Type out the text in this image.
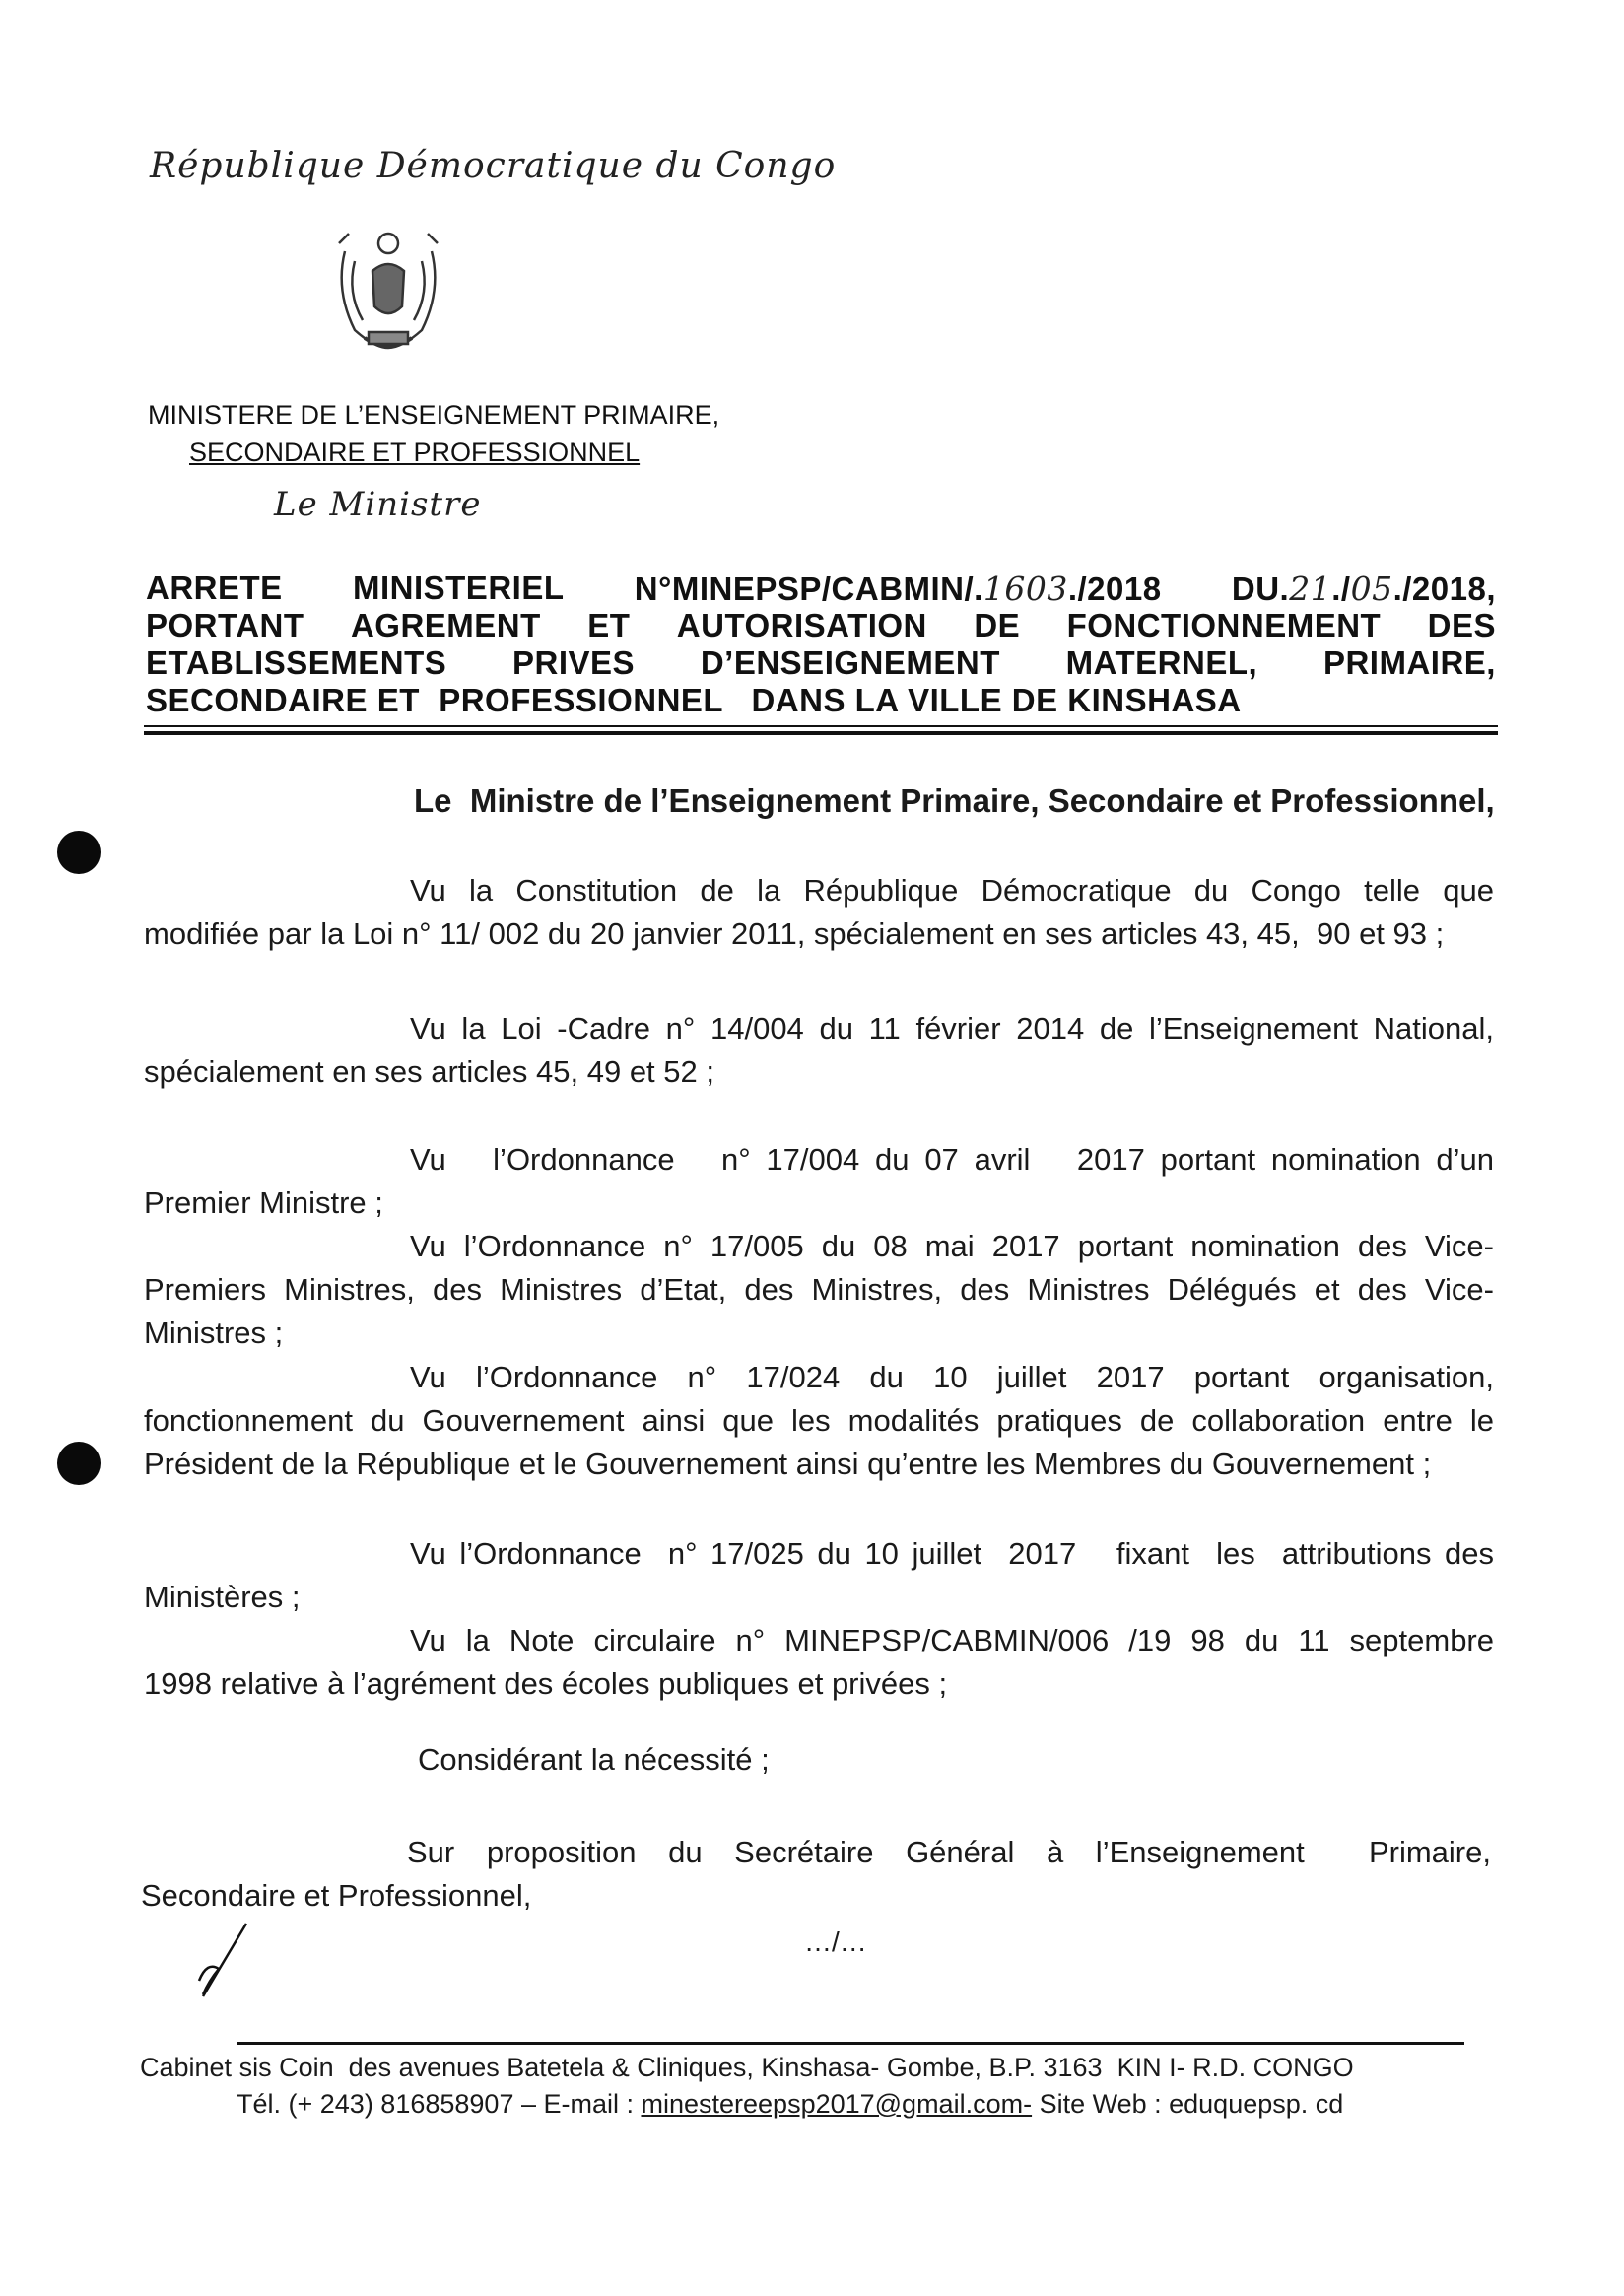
République Démocratique du Congo
MINISTERE DE L’ENSEIGNEMENT PRIMAIRE,
SECONDAIRE ET PROFESSIONNEL
Le Ministre
ARRETE MINISTERIEL N°MINEPSP/CABMIN/.1603./2018 DU.21./05./2018,
PORTANT AGREMENT ET AUTORISATION DE FONCTIONNEMENT DES
ETABLISSEMENTS PRIVES D’ENSEIGNEMENT MATERNEL, PRIMAIRE,
SECONDAIRE ET  PROFESSIONNEL   DANS LA VILLE DE KINSHASA
Le  Ministre de l’Enseignement Primaire, Secondaire et Professionnel,
Vu la Constitution de la République Démocratique du Congo telle que
modifiée par la Loi n° 11/ 002 du 20 janvier 2011, spécialement en ses articles 43, 45,  90 et 93 ;
Vu la Loi -Cadre n° 14/004 du 11 février 2014 de l’Enseignement National,
spécialement en ses articles 45, 49 et 52 ;
Vu   l’Ordonnance   n° 17/004 du 07 avril   2017 portant nomination d’un
Premier Ministre ;
Vu l’Ordonnance n° 17/005 du 08 mai 2017 portant nomination des Vice-
Premiers Ministres, des Ministres d’Etat, des Ministres, des Ministres Délégués et des Vice-
Ministres ;
Vu l’Ordonnance n° 17/024 du 10 juillet 2017 portant organisation,
fonctionnement du Gouvernement ainsi que les modalités pratiques de collaboration entre le
Président de la République et le Gouvernement ainsi qu’entre les Membres du Gouvernement ;
Vu l’Ordonnance  n° 17/025 du 10 juillet  2017   fixant  les  attributions des
Ministères ;
Vu la Note circulaire n° MINEPSP/CABMIN/006 /19 98 du 11 septembre
1998 relative à l’agrément des écoles publiques et privées ;
Considérant la nécessité ;
Sur  proposition  du  Secrétaire  Général  à  l’Enseignement    Primaire,
Secondaire et Professionnel,
…/…
Cabinet sis Coin  des avenues Batetela & Cliniques, Kinshasa- Gombe, B.P. 3163  KIN I- R.D. CONGO
Tél. (+ 243) 816858907 – E-mail : minestereepsp2017@gmail.com- Site Web : eduquepsp. cd
